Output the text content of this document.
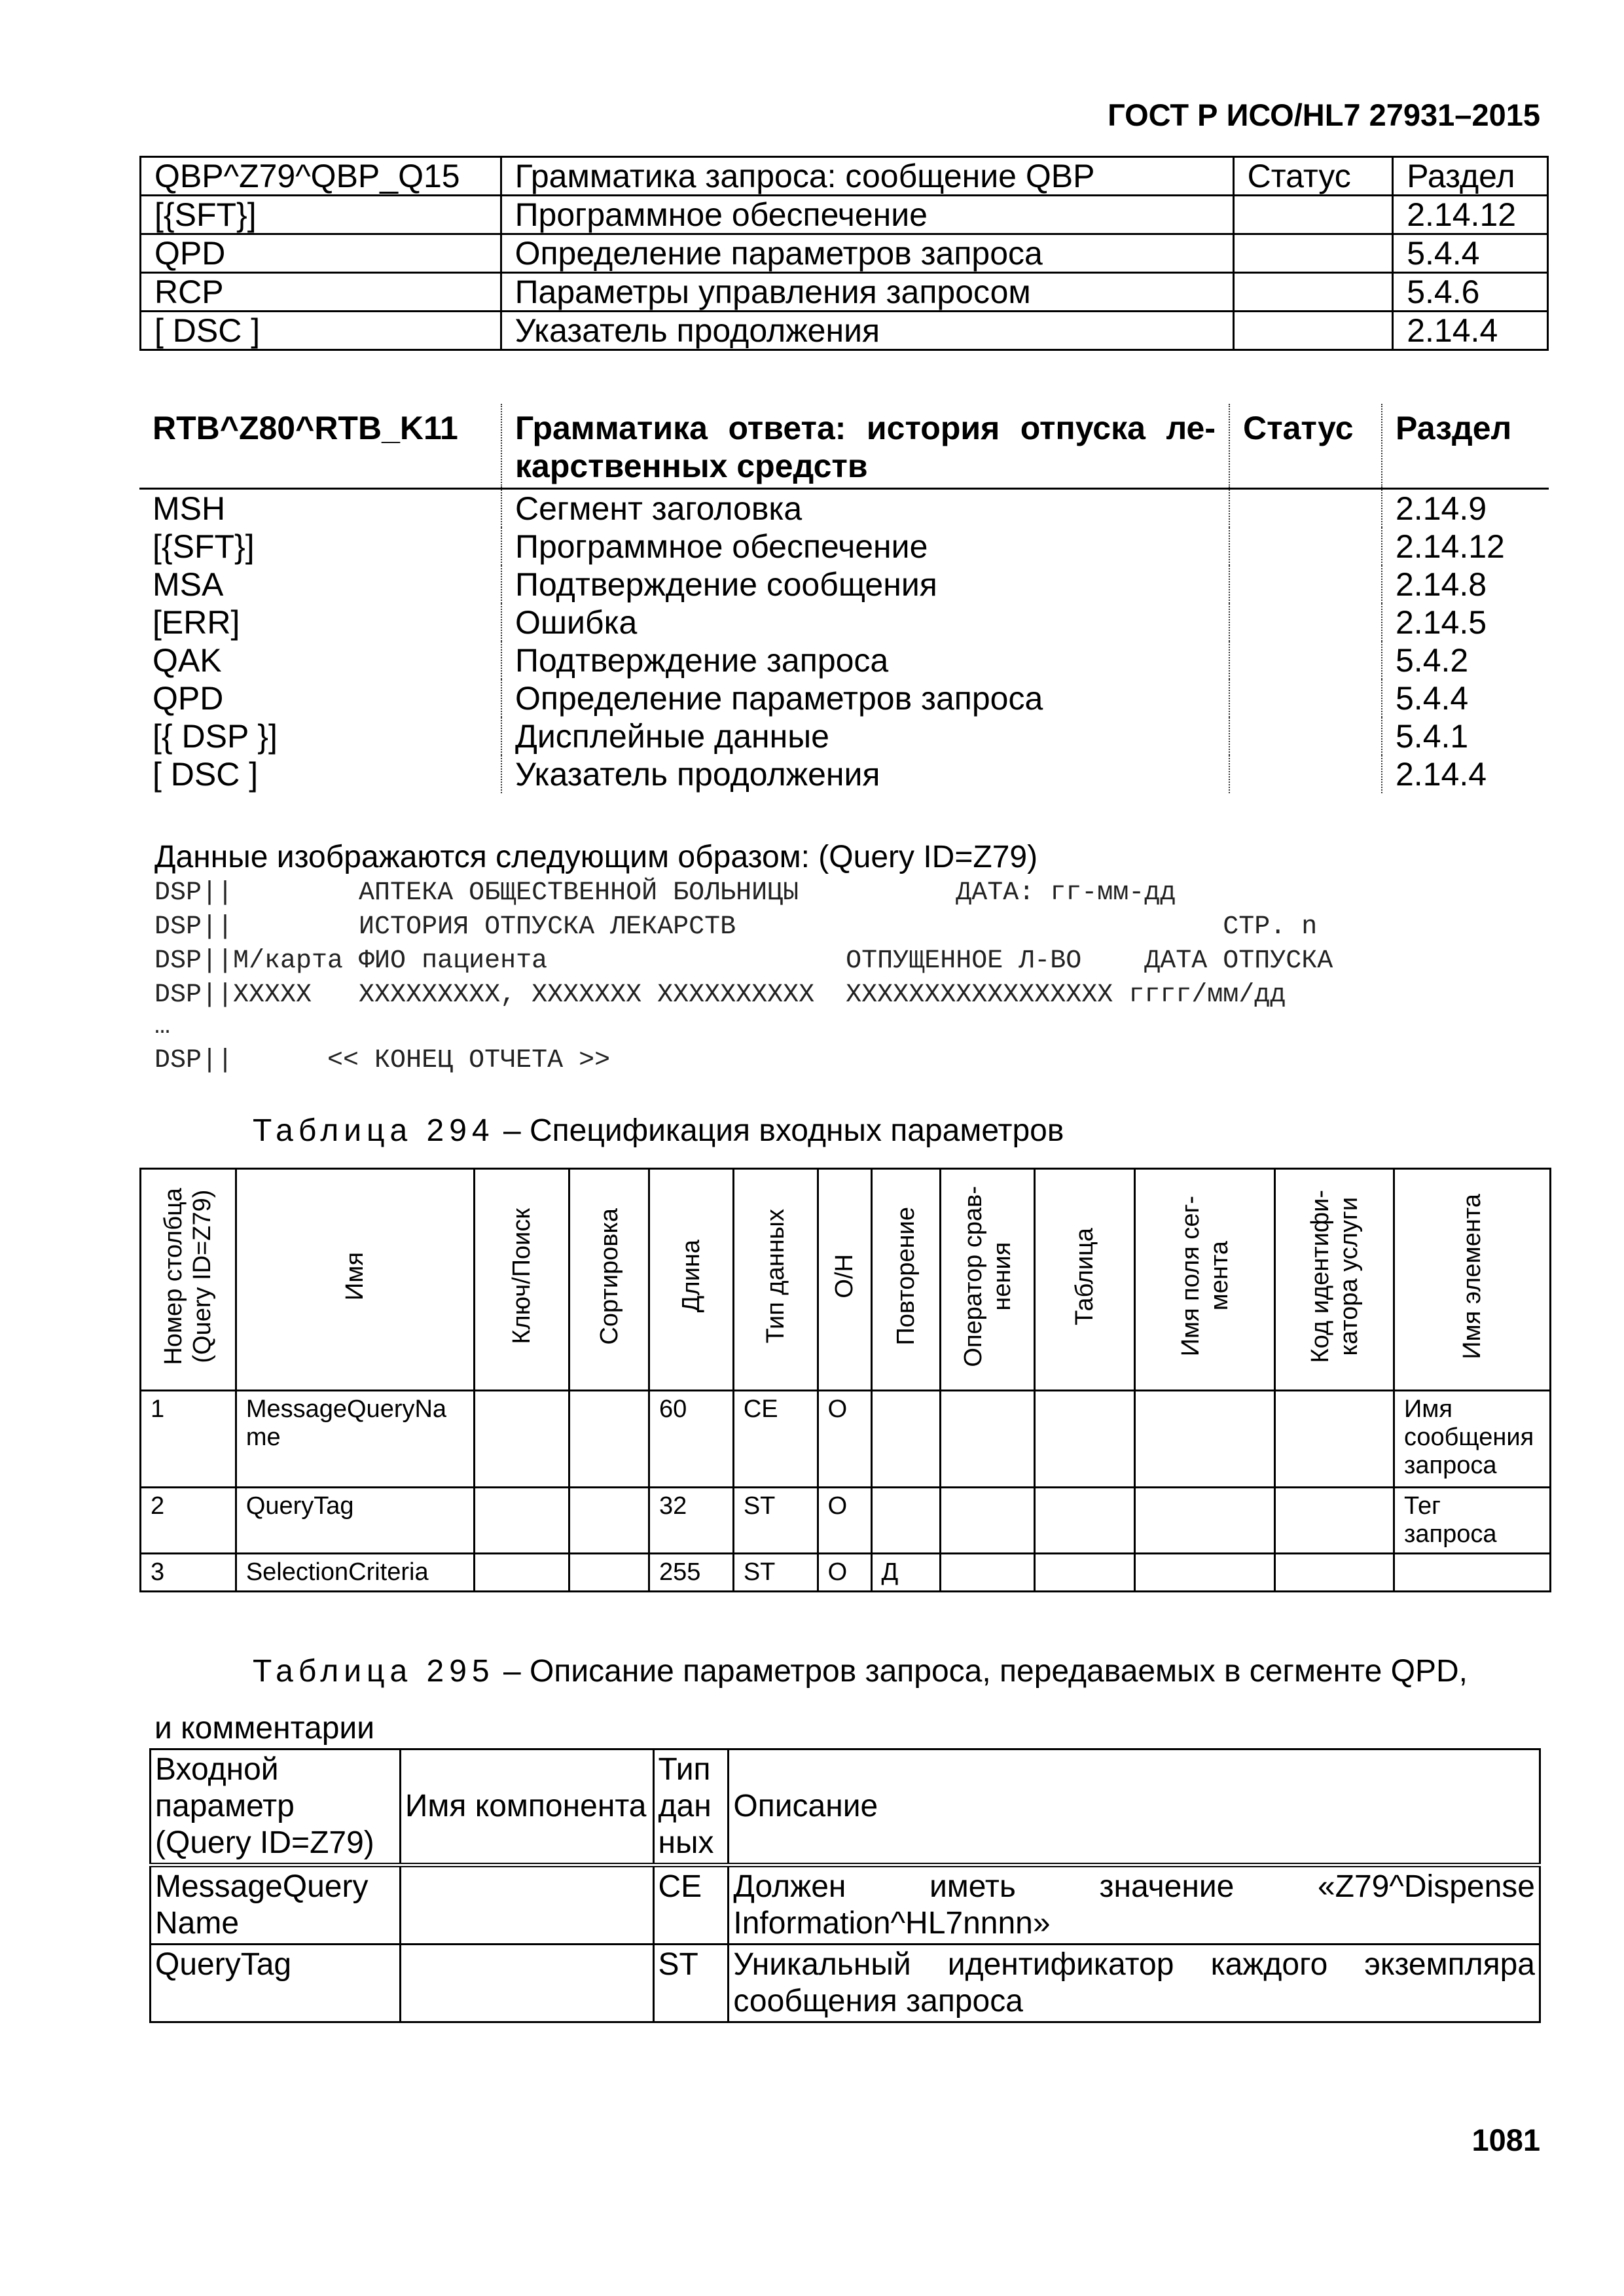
ГОСТ Р ИСО/HL7 27931–2015
QBP^Z79^QBP_Q15	Грамматика запроса: сообщение QBP	Статус	Раздел
[{SFT}]	Программное обеспечение		2.14.12
QPD	Определение параметров запроса		5.4.4
RCP	Параметры управления запросом		5.4.6
[ DSC ]	Указатель продолжения		2.14.4
RTB^Z80^RTB_K11	Грамматика ответа: история отпуска ле-
карственных средств	Статус	Раздел
MSH	Сегмент заголовка		2.14.9
[{SFT}]	Программное обеспечение		2.14.12
MSA	Подтверждение сообщения		2.14.8
[ERR]	Ошибка		2.14.5
QAK	Подтверждение запроса		5.4.2
QPD	Определение параметров запроса		5.4.4
[{ DSP }]	Дисплейные данные		5.4.1
[ DSC ]	Указатель продолжения		2.14.4
Данные изображаются следующим образом: (Query ID=Z79)
DSP||        АПТЕКА ОБЩЕСТВЕННОЙ БОЛЬНИЦЫ          ДАТА: гг-мм-дд
DSP||        ИСТОРИЯ ОТПУСКА ЛЕКАРСТВ                               СТР. n
DSP||М/карта ФИО пациента                   ОТПУЩЕННОЕ Л-ВО    ДАТА ОТПУСКА
DSP||XXXXX   XXXXXXXXX, XXXXXXX XXXXXXXXXX  XXXXXXXXXXXXXXXXX гггг/мм/дд
…
DSP||      << КОНЕЦ ОТЧЕТА >>
Таблица 294 – Спецификация входных параметров
Номер столбца
(Query ID=Z79)	Имя	Ключ/Поиск	Сортировка	Длина	Тип данных	О/Н	Повторение	Оператор срав-
нения	Таблица	Имя поля сег-
мента	Код идентифи-
катора услуги	Имя элемента
1	MessageQueryName			60	CE	O						Имя сообщения запроса
2	QueryTag			32	ST	O						Тег запроса
3	SelectionCriteria			255	ST	O	Д					
Таблица 295 – Описание параметров запроса, передаваемых в сегменте QPD,
и комментарии
Входной параметр (Query ID=Z79)	Имя компонента	Тип данных	Описание
MessageQuery Name		CE	Должен иметь значение «Z79^Dispense Information^HL7nnnn»
QueryTag		ST	Уникальный идентификатор каждого экземпляра сообщения запроса
1081
